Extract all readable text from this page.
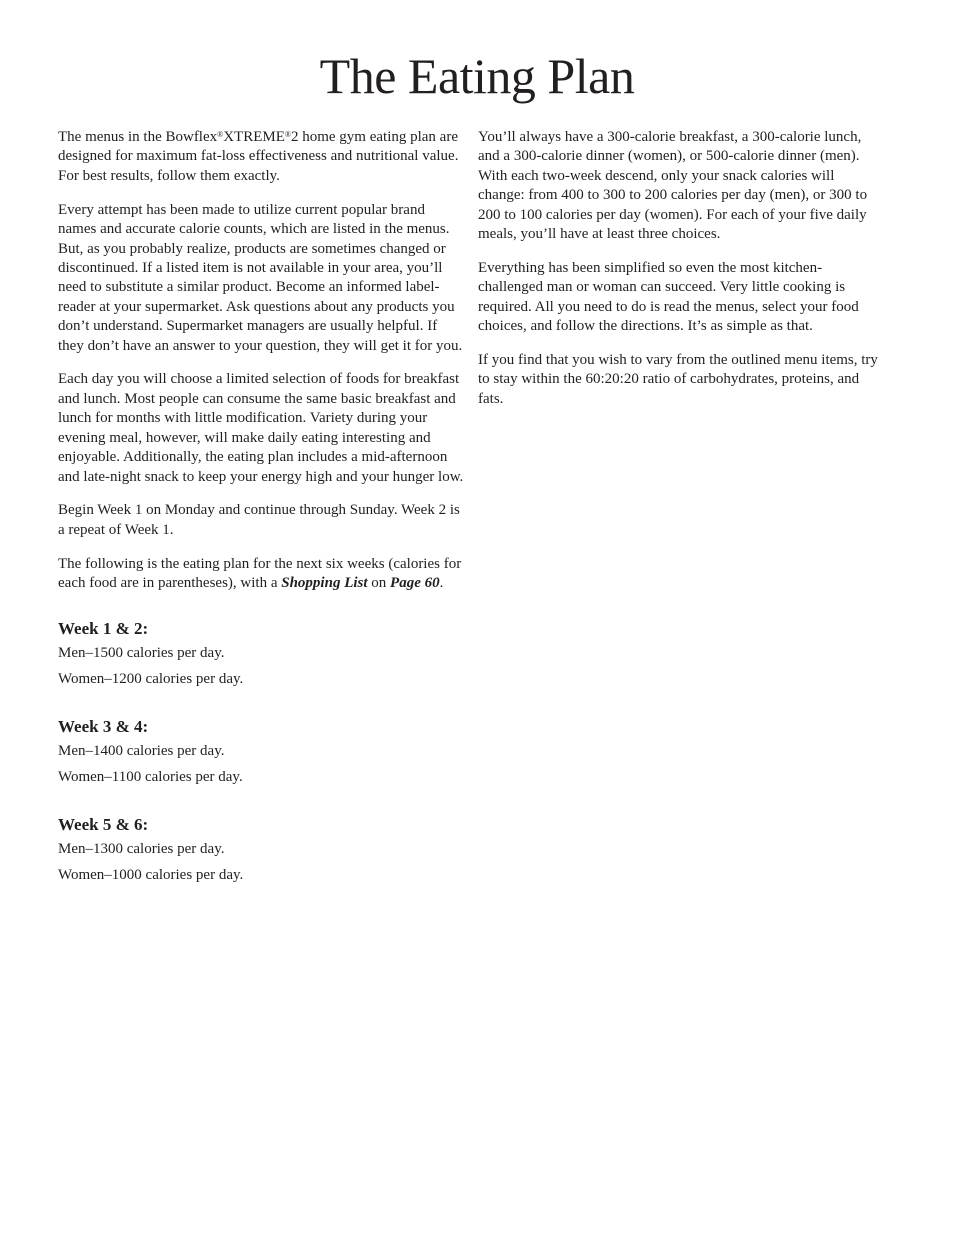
The Eating Plan

The menus in the Bowflex®XTREME®2 home gym eating plan are designed for maximum fat-loss effectiveness and nutritional value. For best results, follow them exactly.

Every attempt has been made to utilize current popular brand names and accurate calorie counts, which are listed in the menus. But, as you probably realize, products are sometimes changed or discontinued. If a listed item is not available in your area, you’ll need to substitute a similar product. Become an informed label-reader at your supermarket. Ask questions about any products you don’t understand. Supermarket managers are usually helpful. If they don’t have an answer to your question, they will get it for you.

Each day you will choose a limited selection of foods for breakfast and lunch. Most people can consume the same basic breakfast and lunch for months with little modification. Variety during your evening meal, however, will make daily eating interesting and enjoyable. Additionally, the eating plan includes a mid-afternoon and late-night snack to keep your energy high and your hunger low.

Begin Week 1 on Monday and continue through Sunday. Week 2 is a repeat of Week 1.

The following is the eating plan for the next six weeks (calories for each food are in parentheses), with a Shopping List on Page 60.

Week 1 & 2:
Men–1500 calories per day.
Women–1200 calories per day.
Week 3 & 4:
Men–1400 calories per day.
Women–1100 calories per day.
Week 5 & 6:
Men–1300 calories per day.
Women–1000 calories per day.

You’ll always have a 300-calorie breakfast, a 300-calorie lunch, and a 300-calorie dinner (women), or 500-calorie dinner (men). With each two-week descend, only your snack calories will change: from 400 to 300 to 200 calories per day (men), or 300 to 200 to 100 calories per day (women). For each of your five daily meals, you’ll have at least three choices.

Everything has been simplified so even the most kitchen-challenged man or woman can succeed. Very little cooking is required. All you need to do is read the menus, select your food choices, and follow the directions. It’s as simple as that.

If you find that you wish to vary from the outlined menu items, try to stay within the 60:20:20 ratio of carbohydrates, proteins, and fats.
